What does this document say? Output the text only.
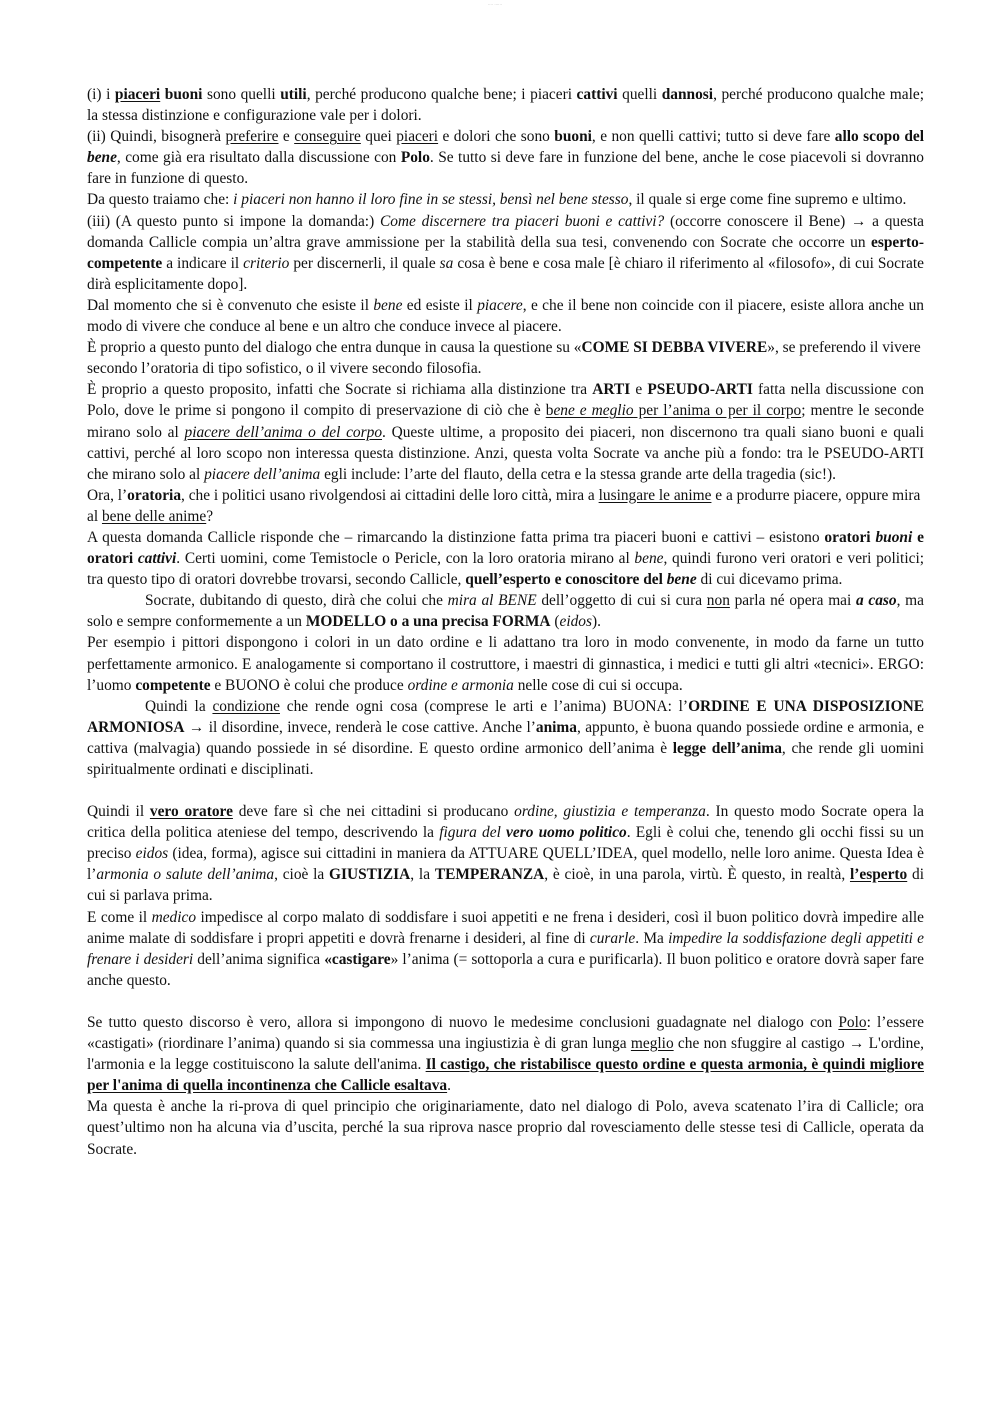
···· ······

(i) i piaceri buoni sono quelli utili, perché producono qualche bene; i piaceri cattivi quelli dannosi, perché producono qualche male; la stessa distinzione e configurazione vale per i dolori.

(ii) Quindi, bisognerà preferire e conseguire quei piaceri e dolori che sono buoni, e non quelli cattivi; tutto si deve fare allo scopo del bene, come già era risultato dalla discussione con Polo. Se tutto si deve fare in funzione del bene, anche le cose piacevoli si dovranno fare in funzione di questo.

Da questo traiamo che: i piaceri non hanno il loro fine in se stessi, bensì nel bene stesso, il quale si erge come fine supremo e ultimo.

(iii) (A questo punto si impone la domanda:) Come discernere tra piaceri buoni e cattivi? (occorre conoscere il Bene) → a questa domanda Callicle compia un’altra grave ammissione per la stabilità della sua tesi, convenendo con Socrate che occorre un esperto-competente a indicare il criterio per discernerli, il quale sa cosa è bene e cosa male [è chiaro il riferimento al «filosofo», di cui Socrate dirà esplicitamente dopo].

Dal momento che si è convenuto che esiste il bene ed esiste il piacere, e che il bene non coincide con il piacere, esiste allora anche un modo di vivere che conduce al bene e un altro che conduce invece al piacere.

È proprio a questo punto del dialogo che entra dunque in causa la questione su «COME SI DEBBA VIVERE», se preferendo il vivere secondo l’oratoria di tipo sofistico, o il vivere secondo filosofia.

È proprio a questo proposito, infatti che Socrate si richiama alla distinzione tra ARTI e PSEUDO-ARTI fatta nella discussione con Polo, dove le prime si pongono il compito di preservazione di ciò che è bene e meglio per l’anima o per il corpo; mentre le seconde mirano solo al piacere dell’anima o del corpo. Queste ultime, a proposito dei piaceri, non discernono tra quali siano buoni e quali cattivi, perché al loro scopo non interessa questa distinzione. Anzi, questa volta Socrate va anche più a fondo: tra le PSEUDO-ARTI che mirano solo al piacere dell’anima egli include: l’arte del flauto, della cetra e la stessa grande arte della tragedia (sic!).

Ora, l’oratoria, che i politici usano rivolgendosi ai cittadini delle loro città, mira a lusingare le anime e a produrre piacere, oppure mira al bene delle anime?

A questa domanda Callicle risponde che – rimarcando la distinzione fatta prima tra piaceri buoni e cattivi – esistono oratori buoni e oratori cattivi. Certi uomini, come Temistocle o Pericle, con la loro oratoria mirano al bene, quindi furono veri oratori e veri politici; tra questo tipo di oratori dovrebbe trovarsi, secondo Callicle, quell’esperto e conoscitore del bene di cui dicevamo prima.

Socrate, dubitando di questo, dirà che colui che mira al BENE dell’oggetto di cui si cura non parla né opera mai a caso, ma solo e sempre conformemente a un MODELLO o a una precisa FORMA (eidos).

Per esempio i pittori dispongono i colori in un dato ordine e li adattano tra loro in modo convenente, in modo da farne un tutto perfettamente armonico. E analogamente si comportano il costruttore, i maestri di ginnastica, i medici e tutti gli altri «tecnici». ERGO: l’uomo competente e BUONO è colui che produce ordine e armonia nelle cose di cui si occupa.

Quindi la condizione che rende ogni cosa (comprese le arti e l’anima) BUONA: l’ORDINE E UNA DISPOSIZIONE ARMONIOSA → il disordine, invece, renderà le cose cattive. Anche l’anima, appunto, è buona quando possiede ordine e armonia, e cattiva (malvagia) quando possiede in sé disordine. E questo ordine armonico dell’anima è legge dell’anima, che rende gli uomini spiritualmente ordinati e disciplinati.

Quindi il vero oratore deve fare sì che nei cittadini si producano ordine, giustizia e temperanza. In questo modo Socrate opera la critica della politica ateniese del tempo, descrivendo la figura del vero uomo politico. Egli è colui che, tenendo gli occhi fissi su un preciso eidos (idea, forma), agisce sui cittadini in maniera da ATTUARE QUELL’IDEA, quel modello, nelle loro anime. Questa Idea è l’armonia o salute dell’anima, cioè la GIUSTIZIA, la TEMPERANZA, è cioè, in una parola, virtù. È questo, in realtà, l’esperto di cui si parlava prima.

E come il medico impedisce al corpo malato di soddisfare i suoi appetiti e ne frena i desideri, così il buon politico dovrà impedire alle anime malate di soddisfare i propri appetiti e dovrà frenarne i desideri, al fine di curarle. Ma impedire la soddisfazione degli appetiti e frenare i desideri dell’anima significa «castigare» l’anima (= sottoporla a cura e purificarla). Il buon politico e oratore dovrà saper fare anche questo.

Se tutto questo discorso è vero, allora si impongono di nuovo le medesime conclusioni guadagnate nel dialogo con Polo: l’essere «castigati» (riordinare l’anima) quando si sia commessa una ingiustizia è di gran lunga meglio che non sfuggire al castigo → L'ordine, l'armonia e la legge costituiscono la salute dell'anima. Il castigo, che ristabilisce questo ordine e questa armonia, è quindi migliore per l'anima di quella incontinenza che Callicle esaltava.

Ma questa è anche la ri-prova di quel principio che originariamente, dato nel dialogo di Polo, aveva scatenato l’ira di Callicle; ora quest’ultimo non ha alcuna via d’uscita, perché la sua riprova nasce proprio dal rovesciamento delle stesse tesi di Callicle, operata da Socrate.
